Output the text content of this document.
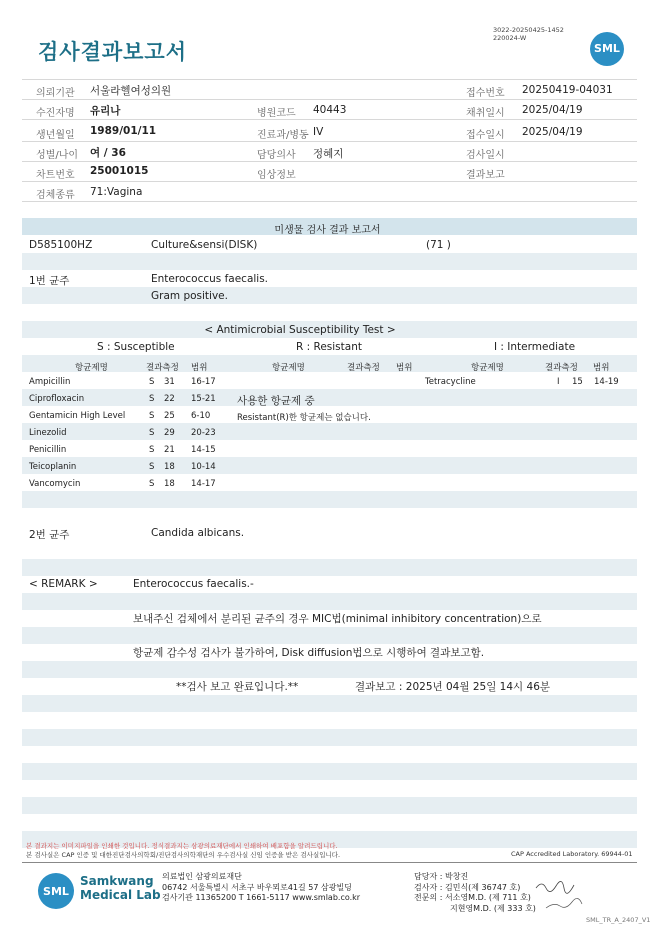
검사결과보고서
3022-20250425-1452
220024-W
SML
의뢰기관 서울라헬여성의원
수진자명 유리나
생년월일 1989/01/11
성별/나이 여 / 36
차트번호 25001015
검체종류 71:Vagina
병원코드 40443
진료과/병동 IV
담당의사 정혜지
임상정보
접수번호 20250419-04031
채취일시 2025/04/19
접수일시 2025/04/19
검사일시
결과보고
미생물 검사 결과 보고서
D585100HZ	Culture&sensi(DISK)	(71 )
1번 균주	Enterococcus faecalis.
Gram positive.
< Antimicrobial Susceptibility Test >
S : Susceptible	R : Resistant	I : Intermediate
항균제명	결과측정 범위	항균제명	결과측정 범위	항균제명	결과측정 범위
Ampicillin	S 31 16-17
Ciprofloxacin	S 22 15-21
Gentamicin High Level	S 25 6-10
Linezolid	S 29 20-23
Penicillin	S 21 14-15
Teicoplanin	S 18 10-14
Vancomycin	S 18 14-17
사용한 항균제 중
Resistant(R)한 항균제는 없습니다.
Tetracycline	I 15 14-19
2번 균주	Candida albicans.
< REMARK >	Enterococcus faecalis.-
보내주신 검체에서 분리된 균주의 경우 MIC법(minimal inhibitory concentration)으로
항균제 감수성 검사가 불가하여, Disk diffusion법으로 시행하여 결과보고함.
**검사 보고 완료입니다.**	결과보고 : 2025년 04월 25일 14시 46분
본 결과지는 이미지파일을 인쇄한 것입니다. 정식결과지는 삼광의료재단에서 인쇄하여 배포함을 알려드립니다.
본 검사실은 CAP 인증 및 대한진단검사의학회/진단검사의학재단의 우수검사실 신임 인증을 받은 검사실입니다.	CAP Accredited Laboratory. 69944-01
SML
Samkwang
Medical Lab
의료법인 삼광의료재단
06742 서울특별시 서초구 바우뫼로41길 57 삼광빌딩
검사기관 11365200 T 1661-5117 www.smlab.co.kr
담당자 : 박창진
검사자 : 김민식(제 36747 호)
전문의 : 서소영M.D. (제 711 호)
지현영M.D. (제 333 호)
SML_TR_A_2407_V1
